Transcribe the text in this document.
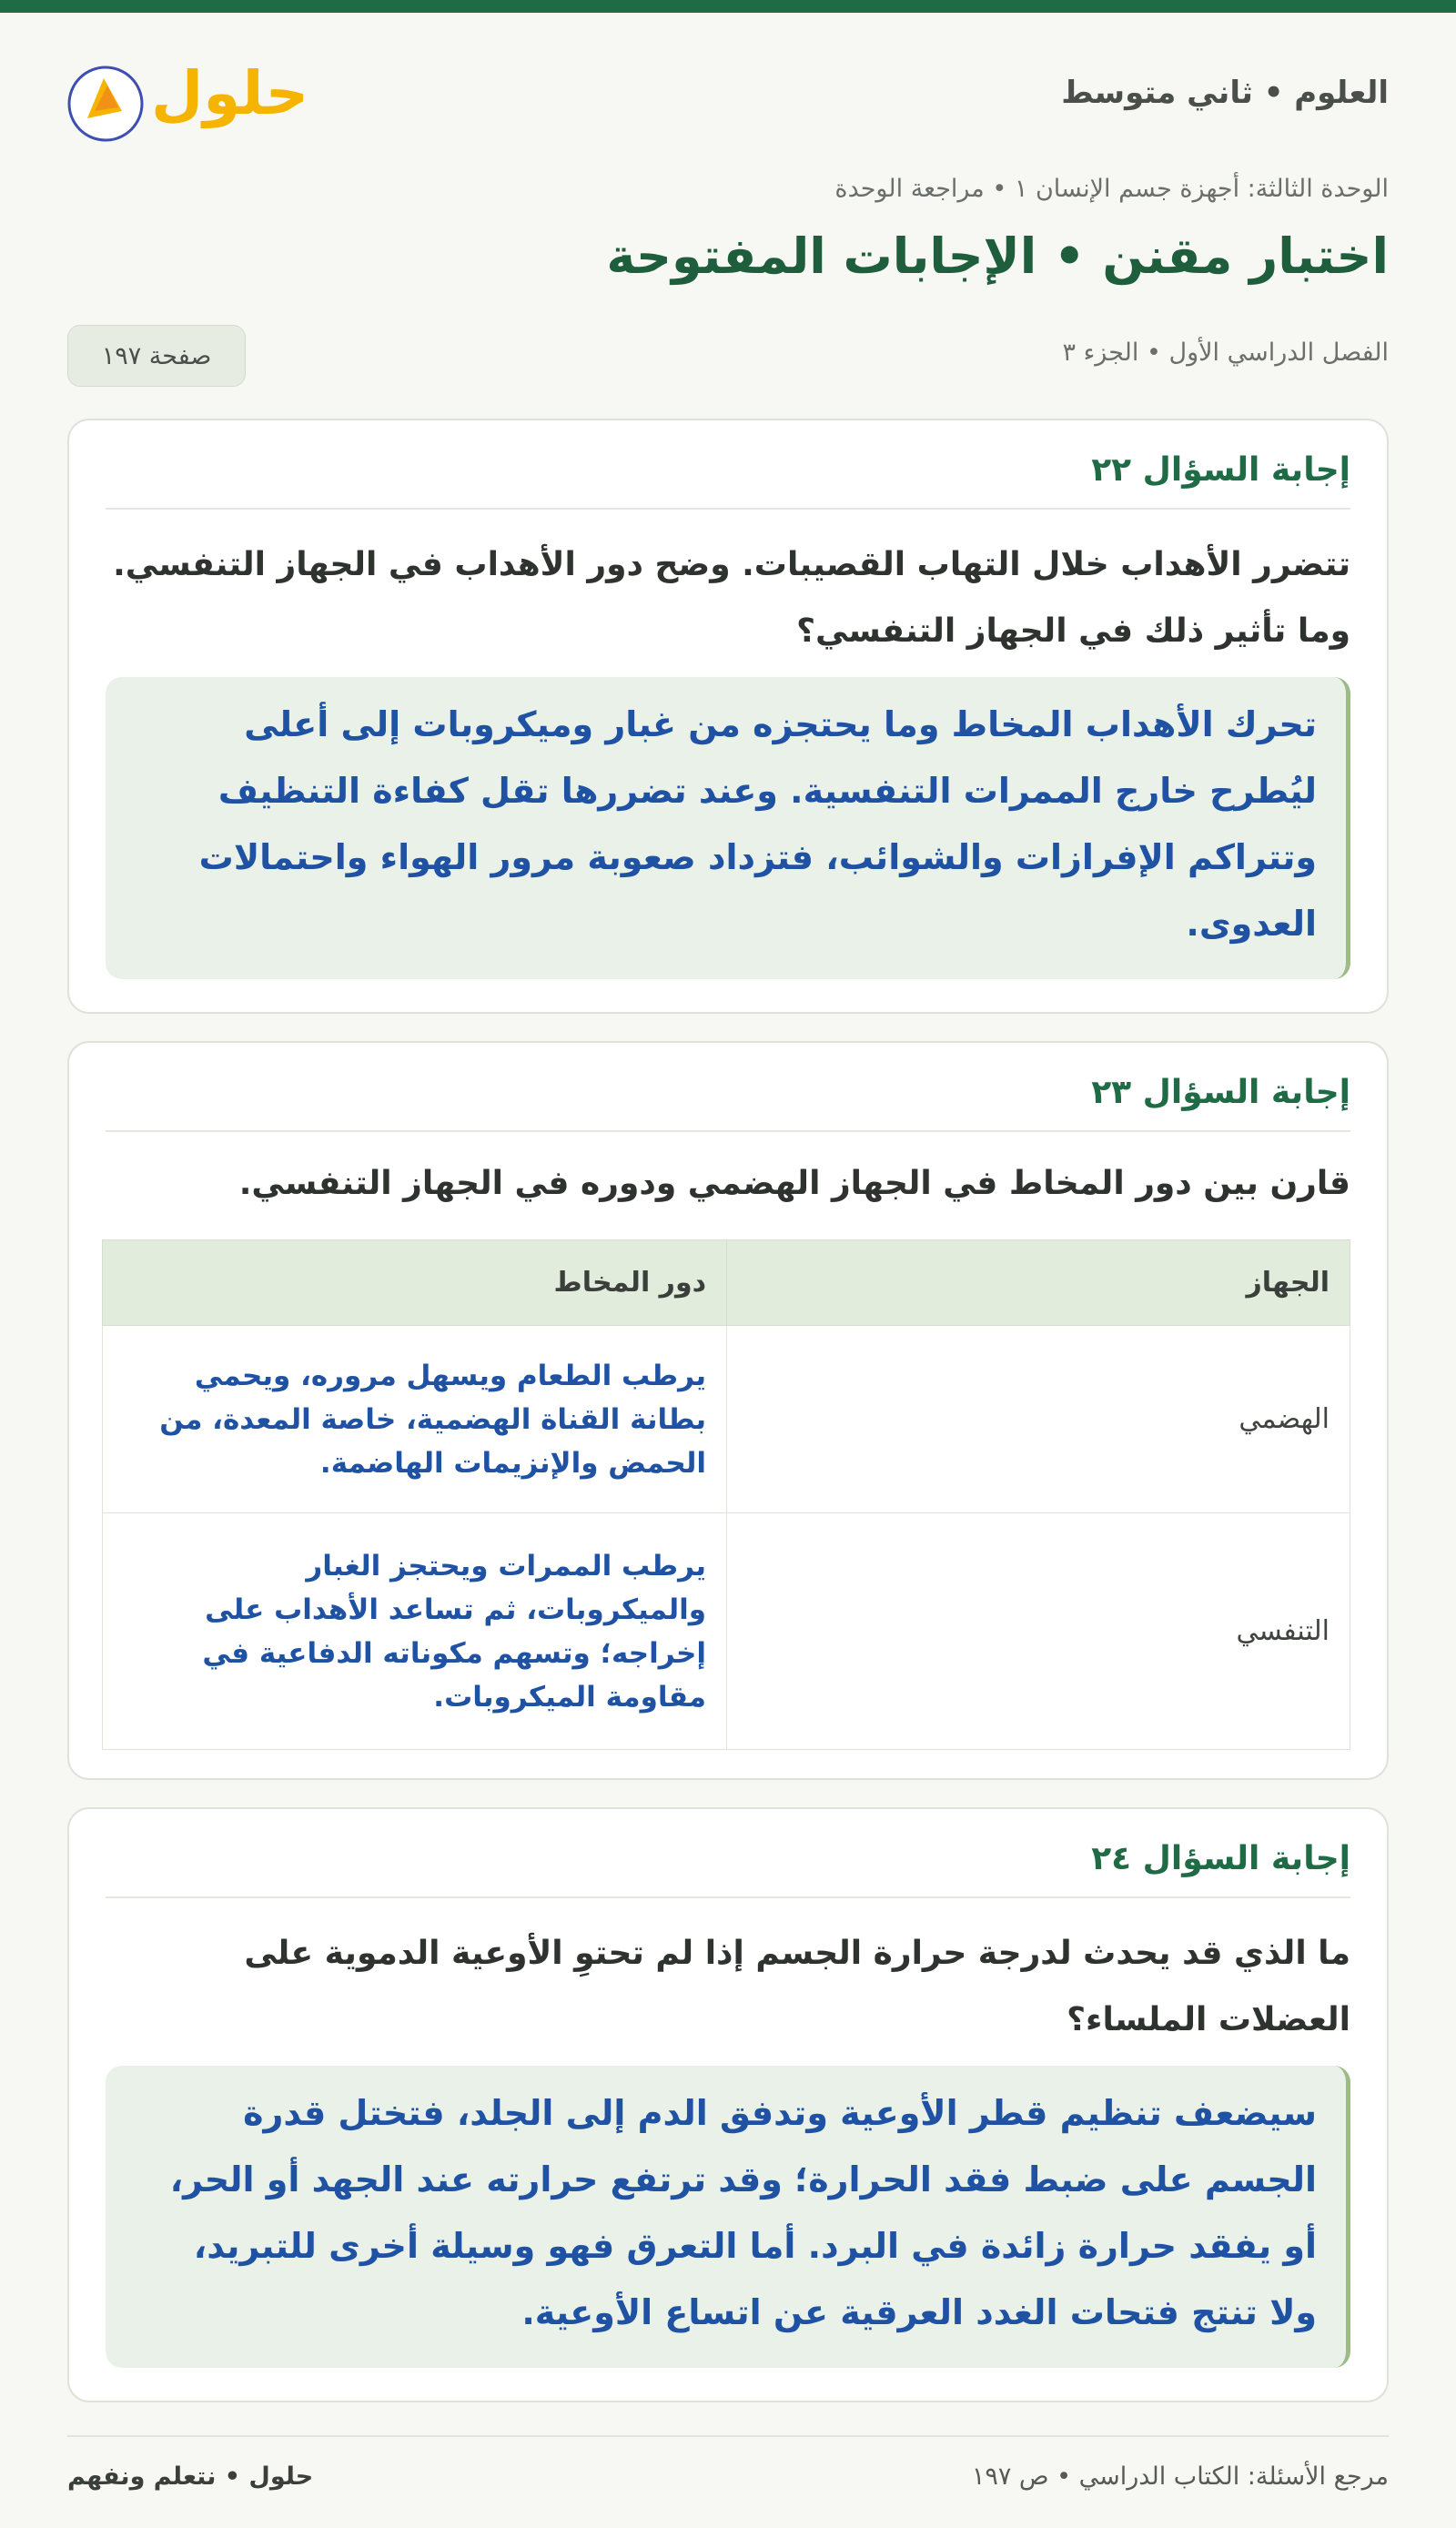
العلوم • ثاني متوسط
حلول
الوحدة الثالثة: أجهزة جسم الإنسان ١ • مراجعة الوحدة
اختبار مقنن • الإجابات المفتوحة
الفصل الدراسي الأول • الجزء ٣
صفحة ١٩٧
إجابة السؤال ٢٢
تتضرر الأهداب خلال التهاب القصيبات. وضح دور الأهداب في الجهاز التنفسي. وما تأثير ذلك في الجهاز التنفسي؟
تحرك الأهداب المخاط وما يحتجزه من غبار وميكروبات إلى أعلى ليُطرح خارج الممرات التنفسية. وعند تضررها تقل كفاءة التنظيف وتتراكم الإفرازات والشوائب، فتزداد صعوبة مرور الهواء واحتمالات العدوى.
إجابة السؤال ٢٣
قارن بين دور المخاط في الجهاز الهضمي ودوره في الجهاز التنفسي.
الجهاز	دور المخاط
الهضمي	يرطب الطعام ويسهل مروره، ويحمي بطانة القناة الهضمية، خاصة المعدة، من الحمض والإنزيمات الهاضمة.
التنفسي	يرطب الممرات ويحتجز الغبار والميكروبات، ثم تساعد الأهداب على إخراجه؛ وتسهم مكوناته الدفاعية في مقاومة الميكروبات.
إجابة السؤال ٢٤
ما الذي قد يحدث لدرجة حرارة الجسم إذا لم تحتوِ الأوعية الدموية على العضلات الملساء؟
سيضعف تنظيم قطر الأوعية وتدفق الدم إلى الجلد، فتختل قدرة الجسم على ضبط فقد الحرارة؛ وقد ترتفع حرارته عند الجهد أو الحر، أو يفقد حرارة زائدة في البرد. أما التعرق فهو وسيلة أخرى للتبريد، ولا تنتج فتحات الغدد العرقية عن اتساع الأوعية.
حلول • نتعلم ونفهم	مرجع الأسئلة: الكتاب الدراسي • ص ١٩٧
